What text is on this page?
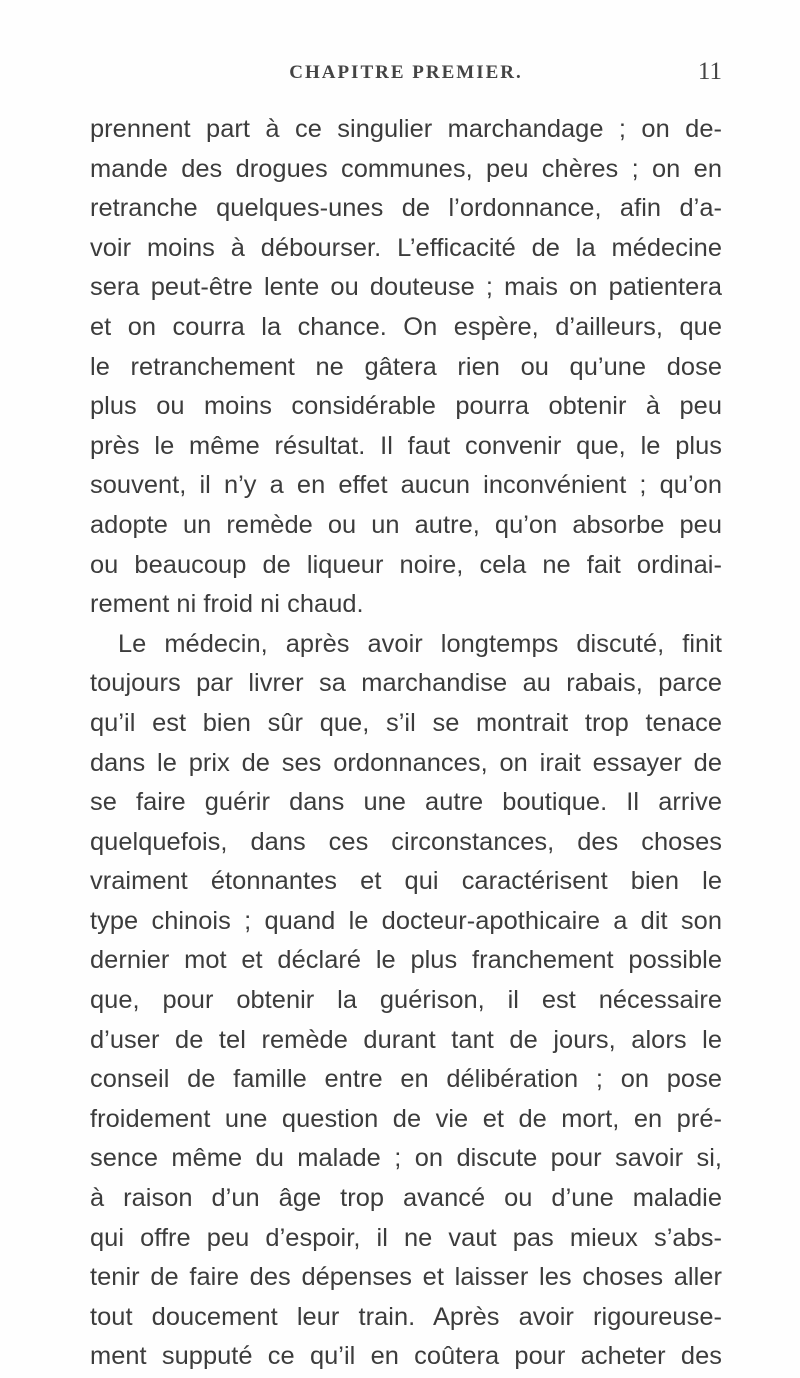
CHAPITRE PREMIER.	11
prennent part à ce singulier marchandage ; on de-
mande des drogues communes, peu chères ; on en
retranche quelques-unes de l’ordonnance, afin d’a-
voir moins à débourser. L’efficacité de la médecine
sera peut-être lente ou douteuse ; mais on patientera
et on courra la chance. On espère, d’ailleurs, que
le retranchement ne gâtera rien ou qu’une dose
plus ou moins considérable pourra obtenir à peu
près le même résultat. Il faut convenir que, le plus
souvent, il n’y a en effet aucun inconvénient ; qu’on
adopte un remède ou un autre, qu’on absorbe peu
ou beaucoup de liqueur noire, cela ne fait ordinai-
rement ni froid ni chaud.
Le médecin, après avoir longtemps discuté, finit
toujours par livrer sa marchandise au rabais, parce
qu’il est bien sûr que, s’il se montrait trop tenace
dans le prix de ses ordonnances, on irait essayer de
se faire guérir dans une autre boutique. Il arrive
quelquefois, dans ces circonstances, des choses
vraiment étonnantes et qui caractérisent bien le
type chinois ; quand le docteur-apothicaire a dit son
dernier mot et déclaré le plus franchement possible
que, pour obtenir la guérison, il est nécessaire
d’user de tel remède durant tant de jours, alors le
conseil de famille entre en délibération ; on pose
froidement une question de vie et de mort, en pré-
sence même du malade ; on discute pour savoir si,
à raison d’un âge trop avancé ou d’une maladie
qui offre peu d’espoir, il ne vaut pas mieux s’abs-
tenir de faire des dépenses et laisser les choses aller
tout doucement leur train. Après avoir rigoureuse-
ment supputé ce qu’il en coûtera pour acheter des
